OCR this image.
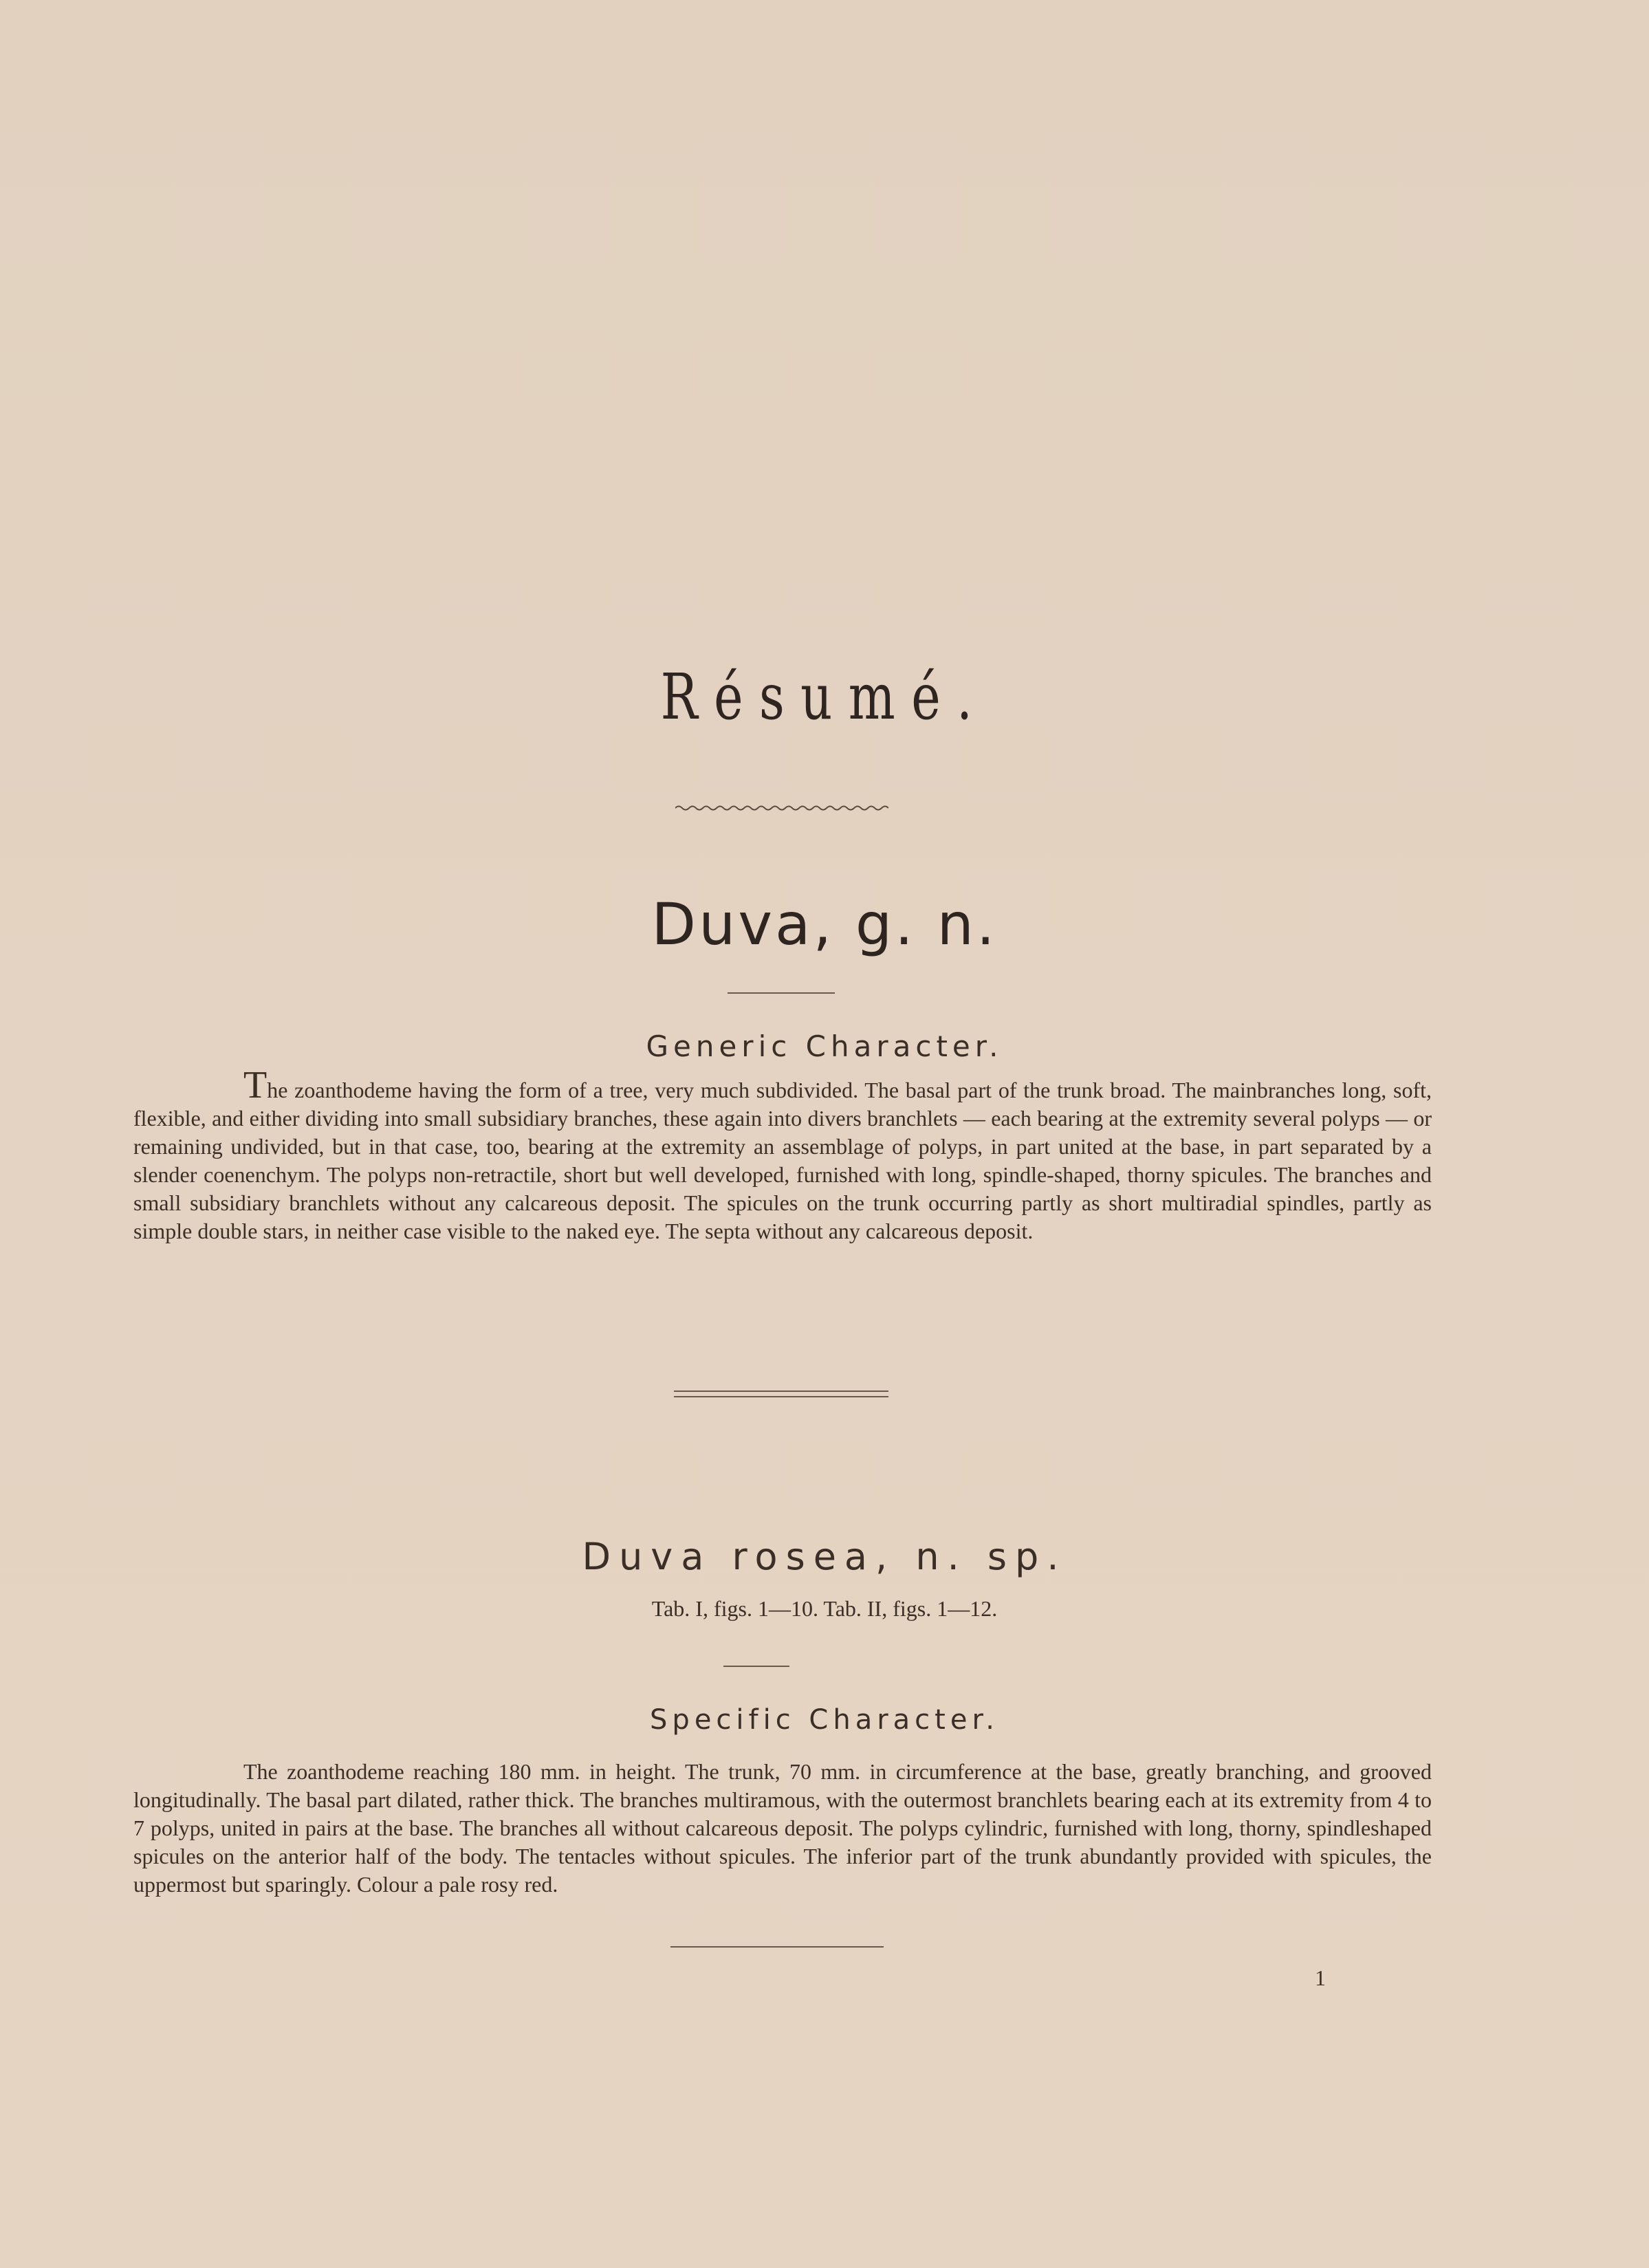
Résumé.
Duva, g. n.
Generic Character.

The zoanthodeme having the form of a tree, very much subdivided. The basal part of the trunk broad. The mainbranches long, soft, flexible, and either dividing into small subsidiary branches, these again into divers branchlets — each bearing at the extremity several polyps — or remaining undivided, but in that case, too, bearing at the extremity an assemblage of polyps, in part united at the base, in part separated by a slender coenenchym. The polyps non-retractile, short but well developed, furnished with long, spindle-shaped, thorny spicules. The branches and small subsidiary branchlets without any calcareous deposit. The spicules on the trunk occurring partly as short multiradial spindles, partly as simple double stars, in neither case visible to the naked eye. The septa without any calcareous deposit.

Duva rosea, n. sp.
Tab. I, figs. 1—10. Tab. II, figs. 1—12.
Specific Character.

The zoanthodeme reaching 180 mm. in height. The trunk, 70 mm. in circumference at the base, greatly branching, and grooved longitudinally. The basal part dilated, rather thick. The branches multiramous, with the outermost branchlets bearing each at its extremity from 4 to 7 polyps, united in pairs at the base. The branches all without calcareous deposit. The polyps cylindric, furnished with long, thorny, spindleshaped spicules on the anterior half of the body. The tentacles without spicules. The inferior part of the trunk abundantly provided with spicules, the uppermost but sparingly. Colour a pale rosy red.

1
